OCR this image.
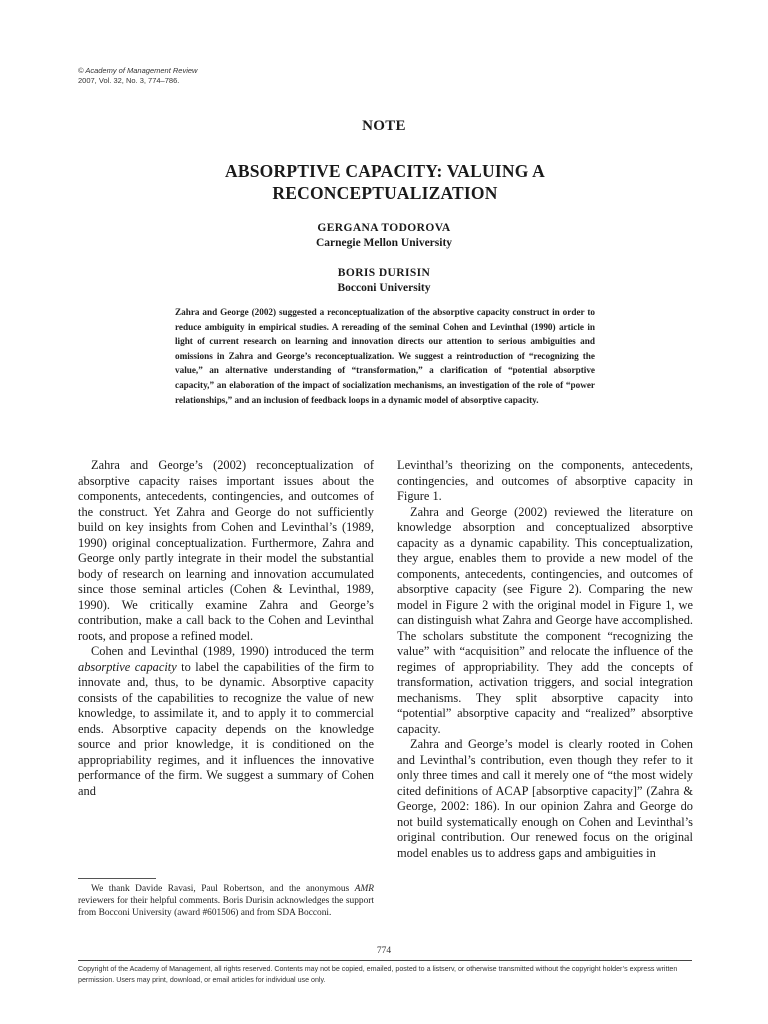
© Academy of Management Review
2007, Vol. 32, No. 3, 774–786.
NOTE
ABSORPTIVE CAPACITY: VALUING A
RECONCEPTUALIZATION
GERGANA TODOROVA
Carnegie Mellon University
BORIS DURISIN
Bocconi University
Zahra and George (2002) suggested a reconceptualization of the absorptive capacity construct in order to reduce ambiguity in empirical studies. A rereading of the seminal Cohen and Levinthal (1990) article in light of current research on learning and innovation directs our attention to serious ambiguities and omissions in Zahra and George’s reconceptualization. We suggest a reintroduction of “recognizing the value,” an alternative understanding of “transformation,” a clarification of “potential absorptive capacity,” an elaboration of the impact of socialization mechanisms, an investigation of the role of “power relationships,” and an inclusion of feedback loops in a dynamic model of absorptive capacity.

Zahra and George’s (2002) reconceptualization of absorptive capacity raises important issues about the components, antecedents, contingencies, and outcomes of the construct. Yet Zahra and George do not sufficiently build on key insights from Cohen and Levinthal’s (1989, 1990) original conceptualization. Furthermore, Zahra and George only partly integrate in their model the substantial body of research on learning and innovation accumulated since those seminal articles (Cohen & Levinthal, 1989, 1990). We critically examine Zahra and George’s contribution, make a call back to the Cohen and Levinthal roots, and propose a refined model.

Cohen and Levinthal (1989, 1990) introduced the term absorptive capacity to label the capabilities of the firm to innovate and, thus, to be dynamic. Absorptive capacity consists of the capabilities to recognize the value of new knowledge, to assimilate it, and to apply it to commercial ends. Absorptive capacity depends on the knowledge source and prior knowledge, it is conditioned on the appropriability regimes, and it influences the innovative performance of the firm. We suggest a summary of Cohen and

Levinthal’s theorizing on the components, antecedents, contingencies, and outcomes of absorptive capacity in Figure 1.

Zahra and George (2002) reviewed the literature on knowledge absorption and conceptualized absorptive capacity as a dynamic capability. This conceptualization, they argue, enables them to provide a new model of the components, antecedents, contingencies, and outcomes of absorptive capacity (see Figure 2). Comparing the new model in Figure 2 with the original model in Figure 1, we can distinguish what Zahra and George have accomplished. The scholars substitute the component “recognizing the value” with “acquisition” and relocate the influence of the regimes of appropriability. They add the concepts of transformation, activation triggers, and social integration mechanisms. They split absorptive capacity into “potential” absorptive capacity and “realized” absorptive capacity.

Zahra and George’s model is clearly rooted in Cohen and Levinthal’s contribution, even though they refer to it only three times and call it merely one of “the most widely cited definitions of ACAP [absorptive capacity]” (Zahra & George, 2002: 186). In our opinion Zahra and George do not build systematically enough on Cohen and Levinthal’s original contribution. Our renewed focus on the original model enables us to address gaps and ambiguities in

We thank Davide Ravasi, Paul Robertson, and the anonymous AMR reviewers for their helpful comments. Boris Durisin acknowledges the support from Bocconi University (award #601506) and from SDA Bocconi.

774
Copyright of the Academy of Management, all rights reserved. Contents may not be copied, emailed, posted to a listserv, or otherwise transmitted without the copyright holder’s express written permission. Users may print, download, or email articles for individual use only.
